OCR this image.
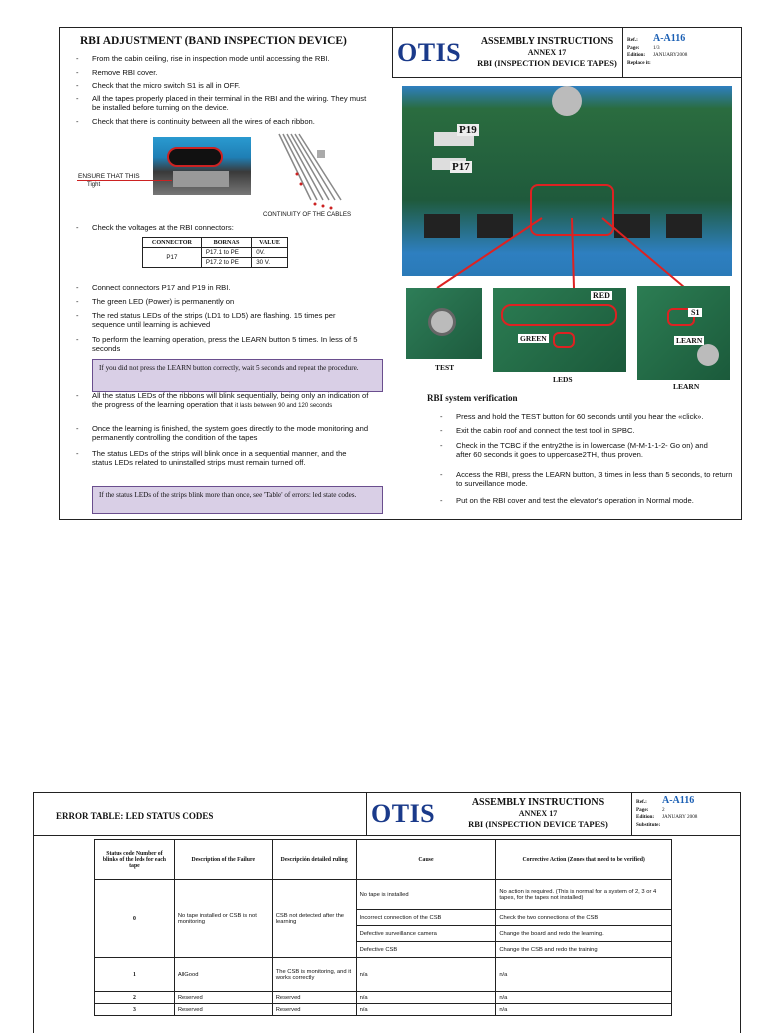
RBI ADJUSTMENT (BAND INSPECTION DEVICE) OTIS	ASSEMBLY INSTRUCTIONS
ANNEX 17
RBI (INSPECTION DEVICE TAPES)
Ref.: A-A116
Page:	1/3
Edition: JANUARY2008
Replace it:
- From the cabin ceiling, rise in inspection mode until accessing the RBI.
- Remove RBI cover.
- Check that the micro switch S1 is all in OFF.
- All the tapes properly placed in their terminal in the RBI and the wiring. They must be installed before turning on the device.
- Check that there is continuity between all the wires of each ribbon.
ENSURE THAT THIS
Tight
CONTINUITY OF THE CABLES
- Check the voltages at the RBI connectors:
CONNECTOR	BORNAS	VALUE
P17	P17.1 to PE	0V.
	P17.2 to PE	30 V.
- Connect connectors P17 and P19 in RBI.
- The green LED (Power) is permanently on
- The red status LEDs of the strips (LD1 to LD5) are flashing. 15 times per sequence until learning is achieved
- To perform the learning operation, press the LEARN button 5 times. In less of 5 seconds
If you did not press the LEARN button correctly, wait 5 seconds and repeat the procedure.
- All the status LEDs of the ribbons will blink sequentially, being only an indication of the progress of the learning operation that it lasts between 90 and 120 seconds
- Once the learning is finished, the system goes directly to the mode monitoring and permanently controlling the condition of the tapes
- The status LEDs of the strips will blink once in a sequential manner, and the status LEDs related to uninstalled strips must remain turned off.
If the status LEDs of the strips blink more than once, see 'Table' of errors: led state codes.
P19
P17
TEST
RED
GREEN
LEDS
S1
LEARN
LEARN
RBI system verification
- Press and hold the TEST button for 60 seconds until you hear the «click».
- Exit the cabin roof and connect the test tool in SPBC.
- Check in the TCBC if the entry2the is in lowercase (M-M-1-1-2- Go on) and after 60 seconds it goes to uppercase2TH, thus proven.
- Access the RBI, press the LEARN button, 3 times in less than 5 seconds, to return to surveillance mode.
- Put on the RBI cover and test the elevator's operation in Normal mode.
ERROR TABLE: LED STATUS CODES	OTIS	ASSEMBLY INSTRUCTIONS
ANNEX 17
RBI (INSPECTION DEVICE TAPES)
Ref.: A-A116
Page:	2
Edition: JANUARY 2008
Substitute:
Status code Number of blinks of the leds for each tape	Description of the Failure	Descripción detailed ruling	Cause	Corrective Action (Zones that need to be verified)
0	No tape installed or CSB is not monitoring	CSB not detected after the learning	No tape is installed	No action is required. (This is normal for a system of 2, 3 or 4 tapes, for the tapes not installed)
			Incorrect connection of the CSB	Check the two connections of the CSB
			Defective surveillance camera	Change the board and redo the learning.
			Defective CSB	Change the CSB and redo the training
1	AllGood	The CSB is monitoring, and it works correctly	n/a	n/a
2	Reserved	Reserved	n/a	n/a
3	Reserved	Reserved	n/a	n/a
